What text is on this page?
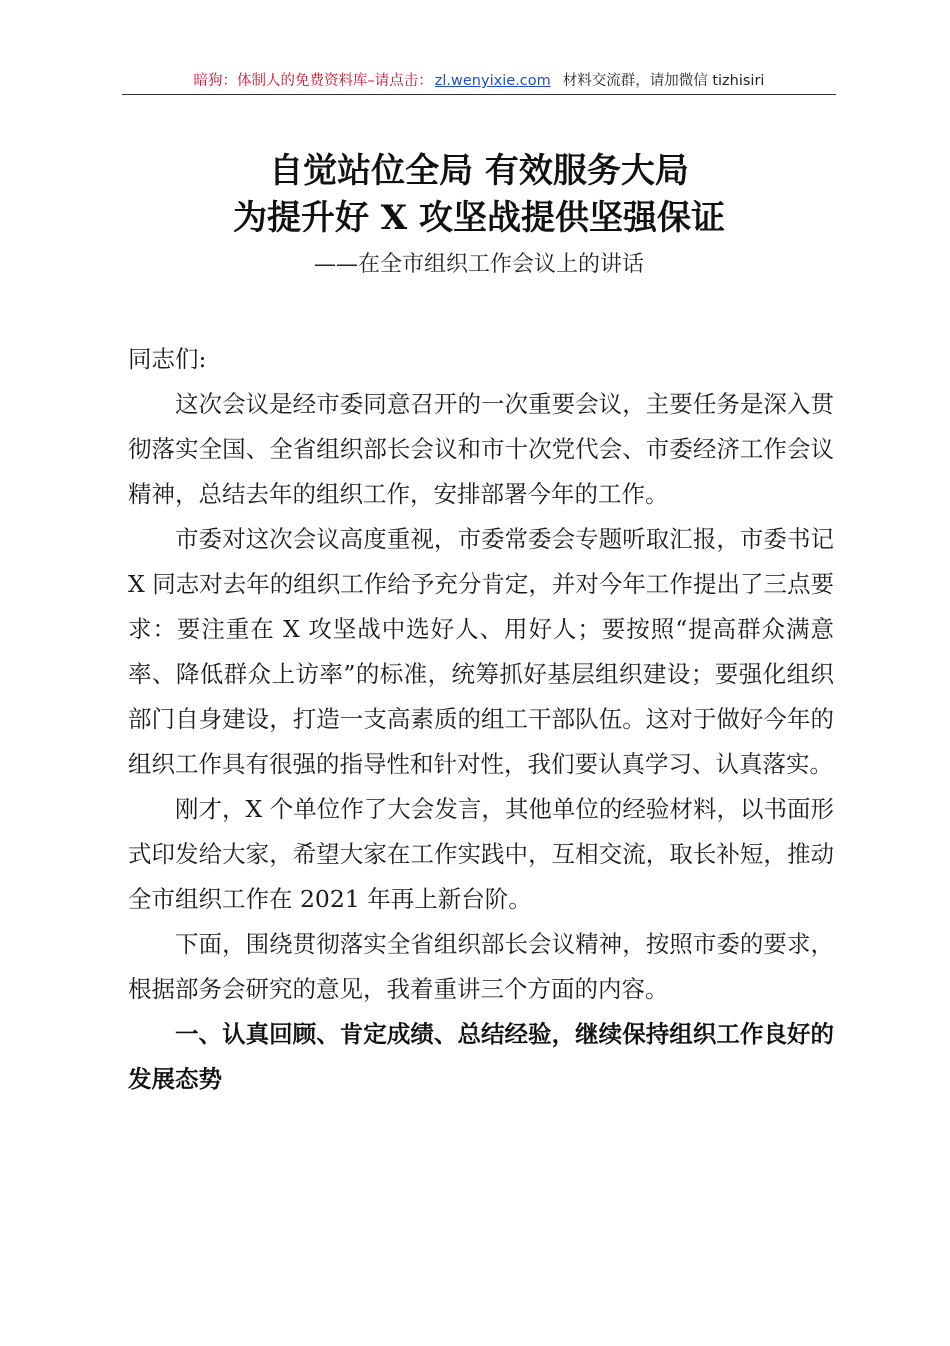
暗狗：体制人的免费资料库–请点击： zl.wenyixie.com 材料交流群，请加微信 tizhisiri
自觉站位全局 有效服务大局
为提升好 X 攻坚战提供坚强保证
——在全市组织工作会议上的讲话

同志们:

这次会议是经市委同意召开的一次重要会议，主要任务是深入贯彻落实全国、全省组织部长会议和市十次党代会、市委经济工作会议精神，总结去年的组织工作，安排部署今年的工作。

市委对这次会议高度重视，市委常委会专题听取汇报，市委书记 X 同志对去年的组织工作给予充分肯定，并对今年工作提出了三点要求：要注重在 X 攻坚战中选好人、用好人；要按照“提高群众满意率、降低群众上访率”的标准，统筹抓好基层组织建设；要强化组织部门自身建设，打造一支高素质的组工干部队伍。这对于做好今年的组织工作具有很强的指导性和针对性，我们要认真学习、认真落实。

刚才，X 个单位作了大会发言，其他单位的经验材料，以书面形式印发给大家，希望大家在工作实践中，互相交流，取长补短，推动全市组织工作在 2021 年再上新台阶。

下面，围绕贯彻落实全省组织部长会议精神，按照市委的要求，根据部务会研究的意见，我着重讲三个方面的内容。

一、认真回顾、肯定成绩、总结经验，继续保持组织工作良好的发展态势
